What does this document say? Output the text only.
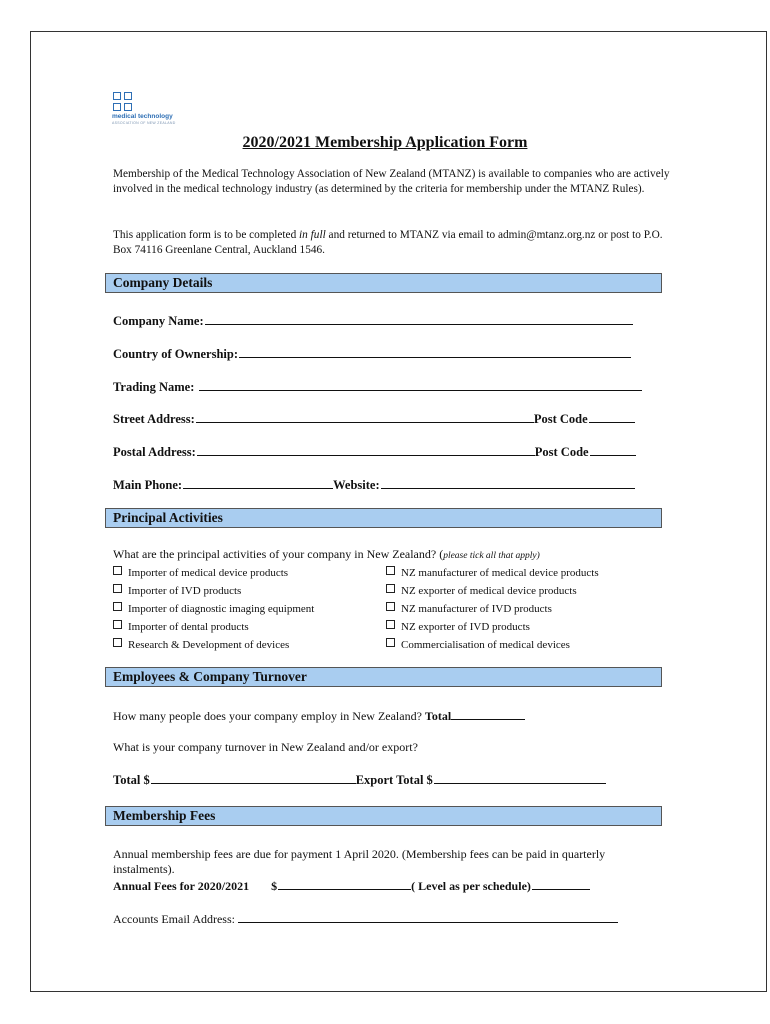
medical technology
ASSOCIATION OF NEW ZEALAND
2020/2021 Membership Application Form
Membership of the Medical Technology Association of New Zealand (MTANZ) is available to companies who are actively involved in the medical technology industry (as determined by the criteria for membership under the MTANZ Rules).
This application form is to be completed in full and returned to MTANZ via email to admin@mtanz.org.nz or post to P.O. Box 74116 Greenlane Central, Auckland 1546.
Company Details
Company Name:
Country of Ownership:
Trading Name:
Street Address:	Post Code
Postal Address:	Post Code
Main Phone:	Website:
Principal Activities
What are the principal activities of your company in New Zealand? (please tick all that apply)
Importer of medical device products
Importer of IVD products
Importer of diagnostic imaging equipment
Importer of dental products
Research & Development of devices
NZ manufacturer of medical device products
NZ exporter of medical device products
NZ manufacturer of IVD products
NZ exporter of IVD products
Commercialisation of medical devices
Employees & Company Turnover
How many people does your company employ in New Zealand? Total
What is your company turnover in New Zealand and/or export?
Total $	Export Total $
Membership Fees
Annual membership fees are due for payment 1 April 2020. (Membership fees can be paid in quarterly instalments).
Annual Fees for 2020/2021 $	( Level as per schedule)
Accounts Email Address:
